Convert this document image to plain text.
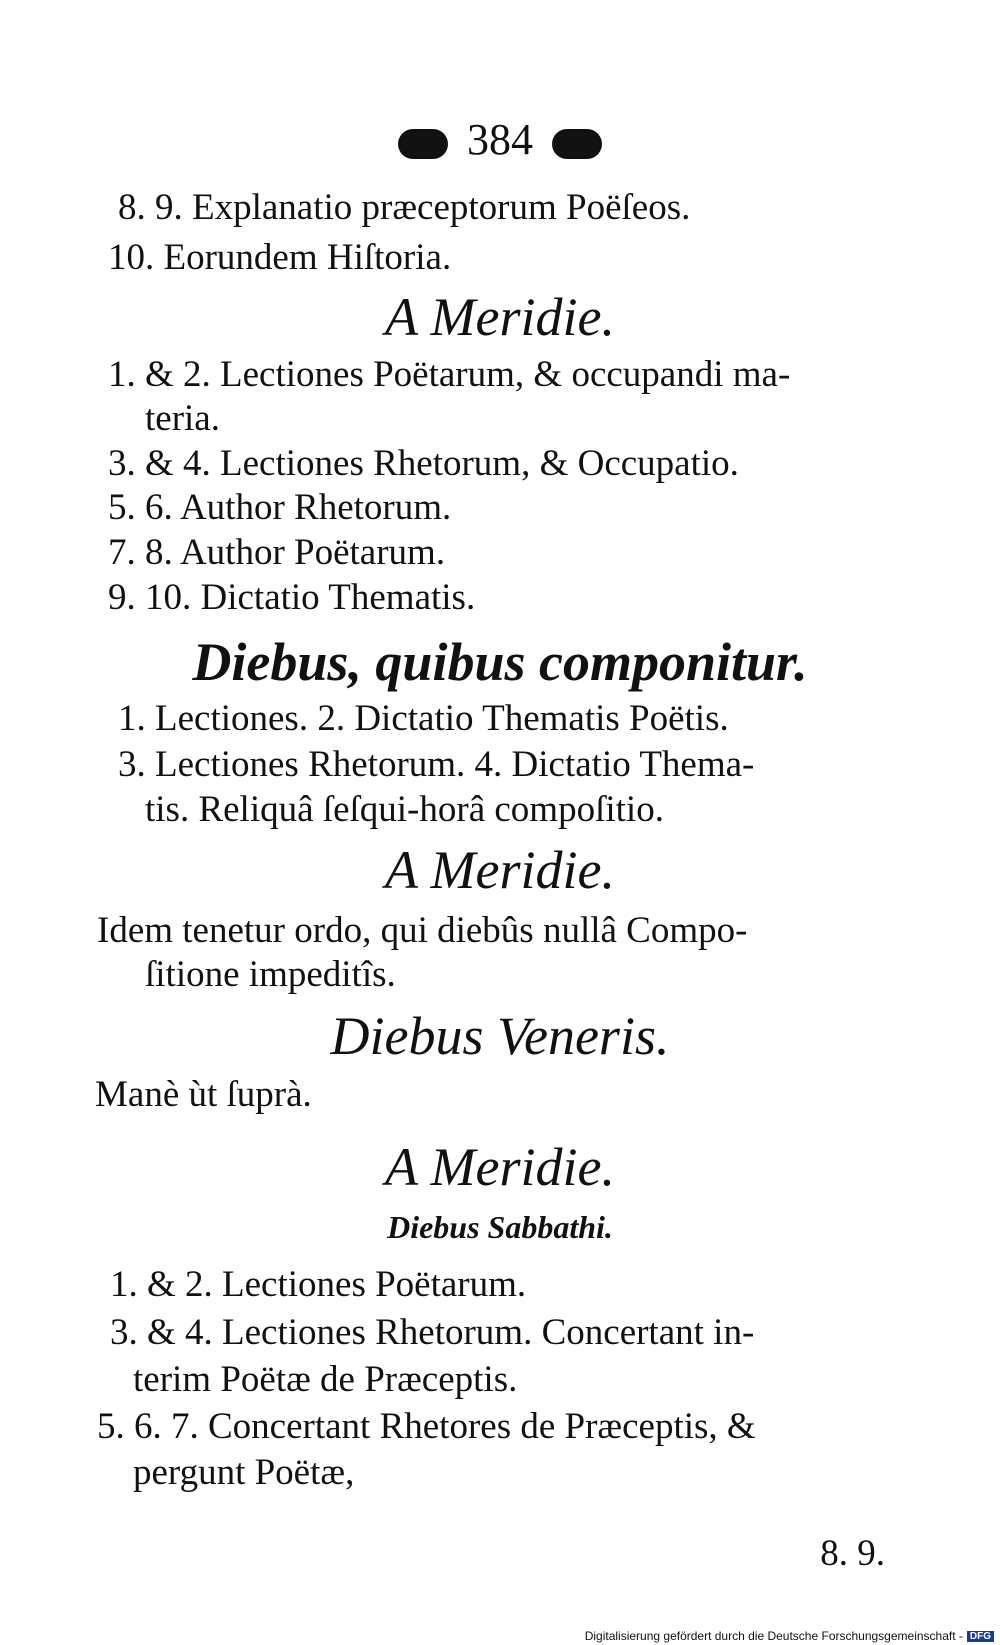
384
8. 9. Explanatio præceptorum Poëſeos.
10. Eorundem Hiſtoria.
A Meridie.
1. & 2. Lectiones Poëtarum, & occupandi ma-
teria.
3. & 4. Lectiones Rhetorum, & Occupatio.
5. 6. Author Rhetorum.
7. 8. Author Poëtarum.
9. 10. Dictatio Thematis.
Diebus, quibus componitur.
1. Lectiones. 2. Dictatio Thematis Poëtis.
3. Lectiones Rhetorum. 4. Dictatio Thema-
tis. Reliquâ ſeſqui-horâ compoſitio.
A Meridie.
Idem tenetur ordo, qui diebûs nullâ Compo-
ſitione impeditîs.
Diebus Veneris.
Manè ùt ſuprà.
A Meridie.
Diebus Sabbathi.
1. & 2. Lectiones Poëtarum.
3. & 4. Lectiones Rhetorum. Concertant in-
terim Poëtæ de Præceptis.
5. 6. 7. Concertant Rhetores de Præceptis, &
pergunt Poëtæ,
8. 9.
Digitalisierung gefördert durch die Deutsche Forschungsgemeinschaft - DFG
